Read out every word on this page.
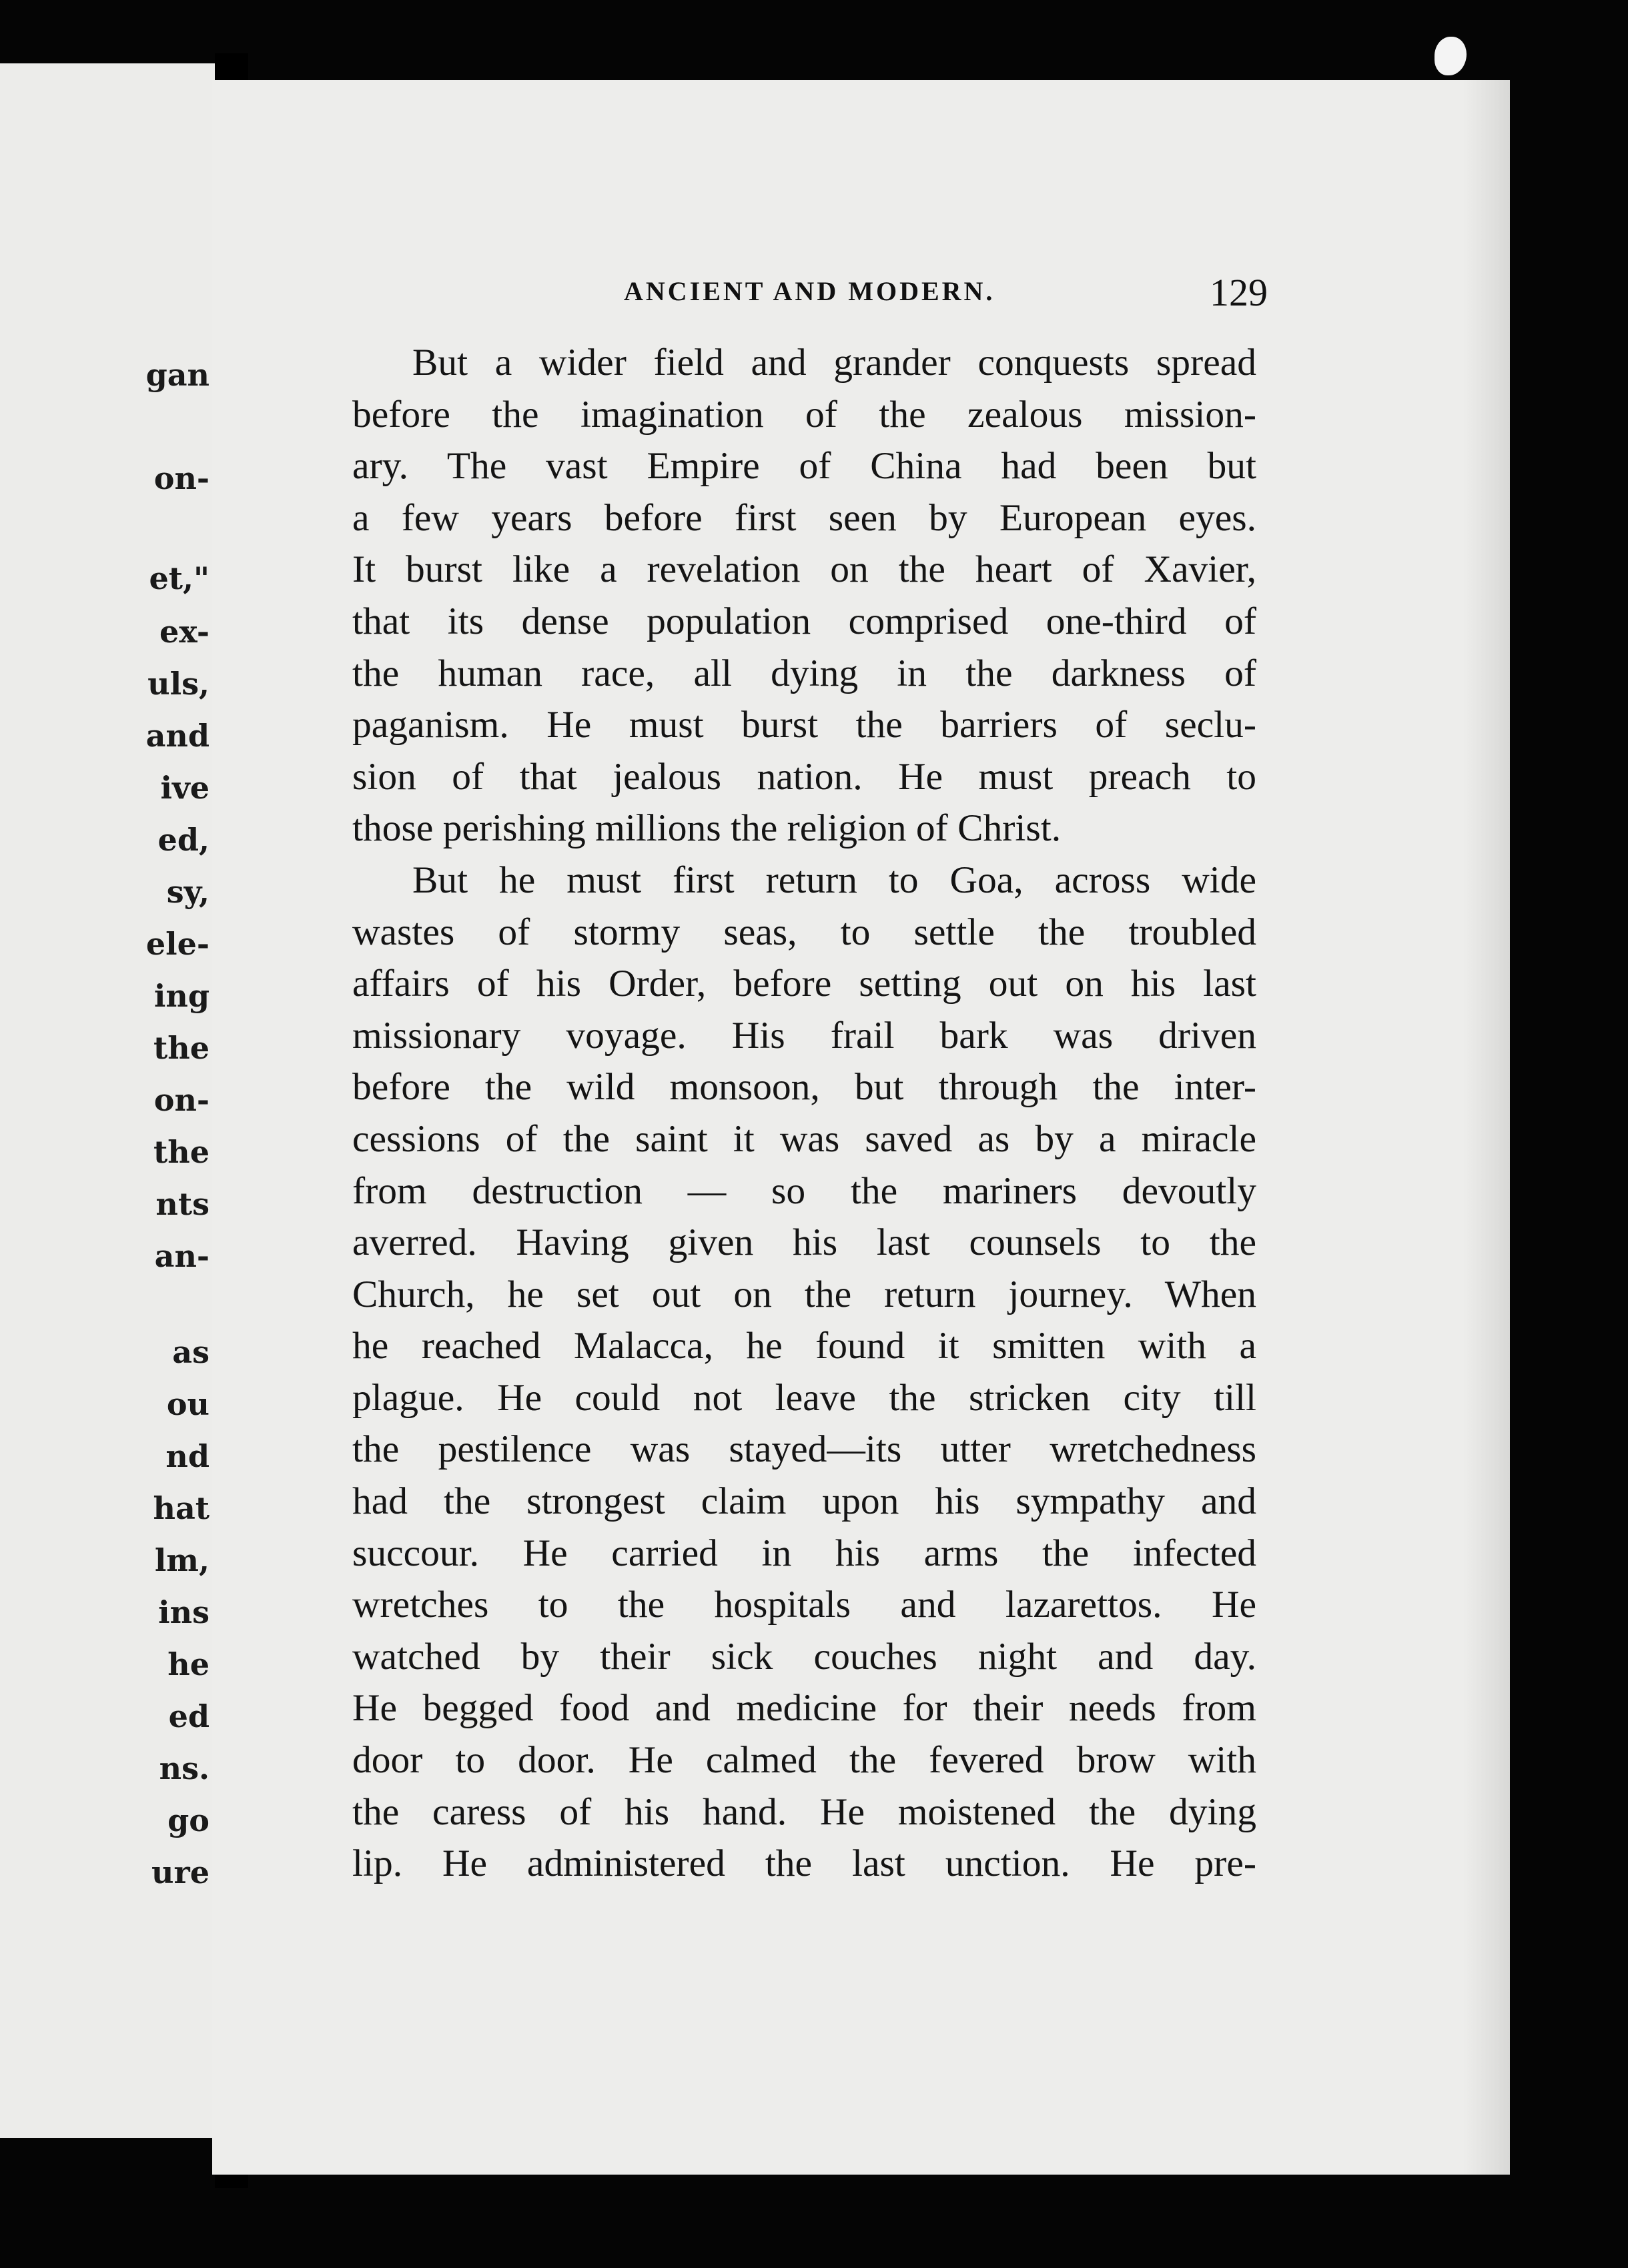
gan
on-
et,"
ex-
uls,
and
ive
ed,
sy,
ele-
ing
the
on-
the
nts
an-
as
ou
nd
hat
lm,
ins
he
ed
ns.
go
ure
ANCIENT AND MODERN.	129
But a wider field and grander conquests spread
before the imagination of the zealous mission-
ary. The vast Empire of China had been but
a few years before first seen by European eyes.
It burst like a revelation on the heart of Xavier,
that its dense population comprised one-third of
the human race, all dying in the darkness of
paganism. He must burst the barriers of seclu-
sion of that jealous nation. He must preach to
those perishing millions the religion of Christ.
But he must first return to Goa, across wide
wastes of stormy seas, to settle the troubled
affairs of his Order, before setting out on his last
missionary voyage. His frail bark was driven
before the wild monsoon, but through the inter-
cessions of the saint it was saved as by a miracle
from destruction — so the mariners devoutly
averred. Having given his last counsels to the
Church, he set out on the return journey. When
he reached Malacca, he found it smitten with a
plague. He could not leave the stricken city till
the pestilence was stayed—its utter wretchedness
had the strongest claim upon his sympathy and
succour. He carried in his arms the infected
wretches to the hospitals and lazarettos. He
watched by their sick couches night and day.
He begged food and medicine for their needs from
door to door. He calmed the fevered brow with
the caress of his hand. He moistened the dying
lip. He administered the last unction. He pre-
